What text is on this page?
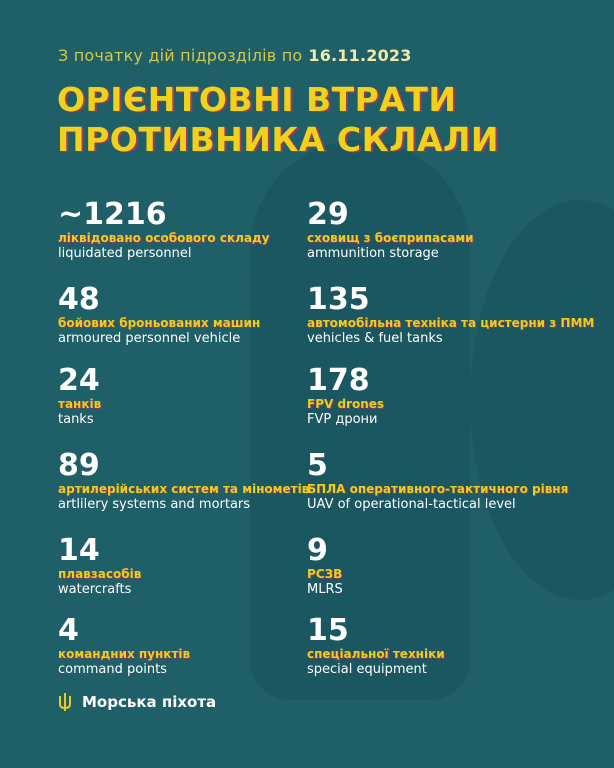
З початку дій підрозділів по 16.11.2023
ОРІЄНТОВНІ ВТРАТИ
ПРОТИВНИКА СКЛАЛИ
~1216
ліквідовано особового складу
liquidated personnel
48
бойових броньованих машин
armoured personnel vehicle
24
танків
tanks
89
артилерійських систем та мінометів
artlilery systems and mortars
14
плавзасобів
watercrafts
4
командних пунктів
command points
29
сховищ з боєприпасами
ammunition storage
135
автомобільна техніка та цистерни з ПММ
vehicles & fuel tanks
178
FPV drones
FVP дрони
5
БПЛА оперативного-тактичного рівня
UAV of operational-tactical level
9
РСЗВ
MLRS
15
спеціальної техніки
special equipment
Морська піхота
